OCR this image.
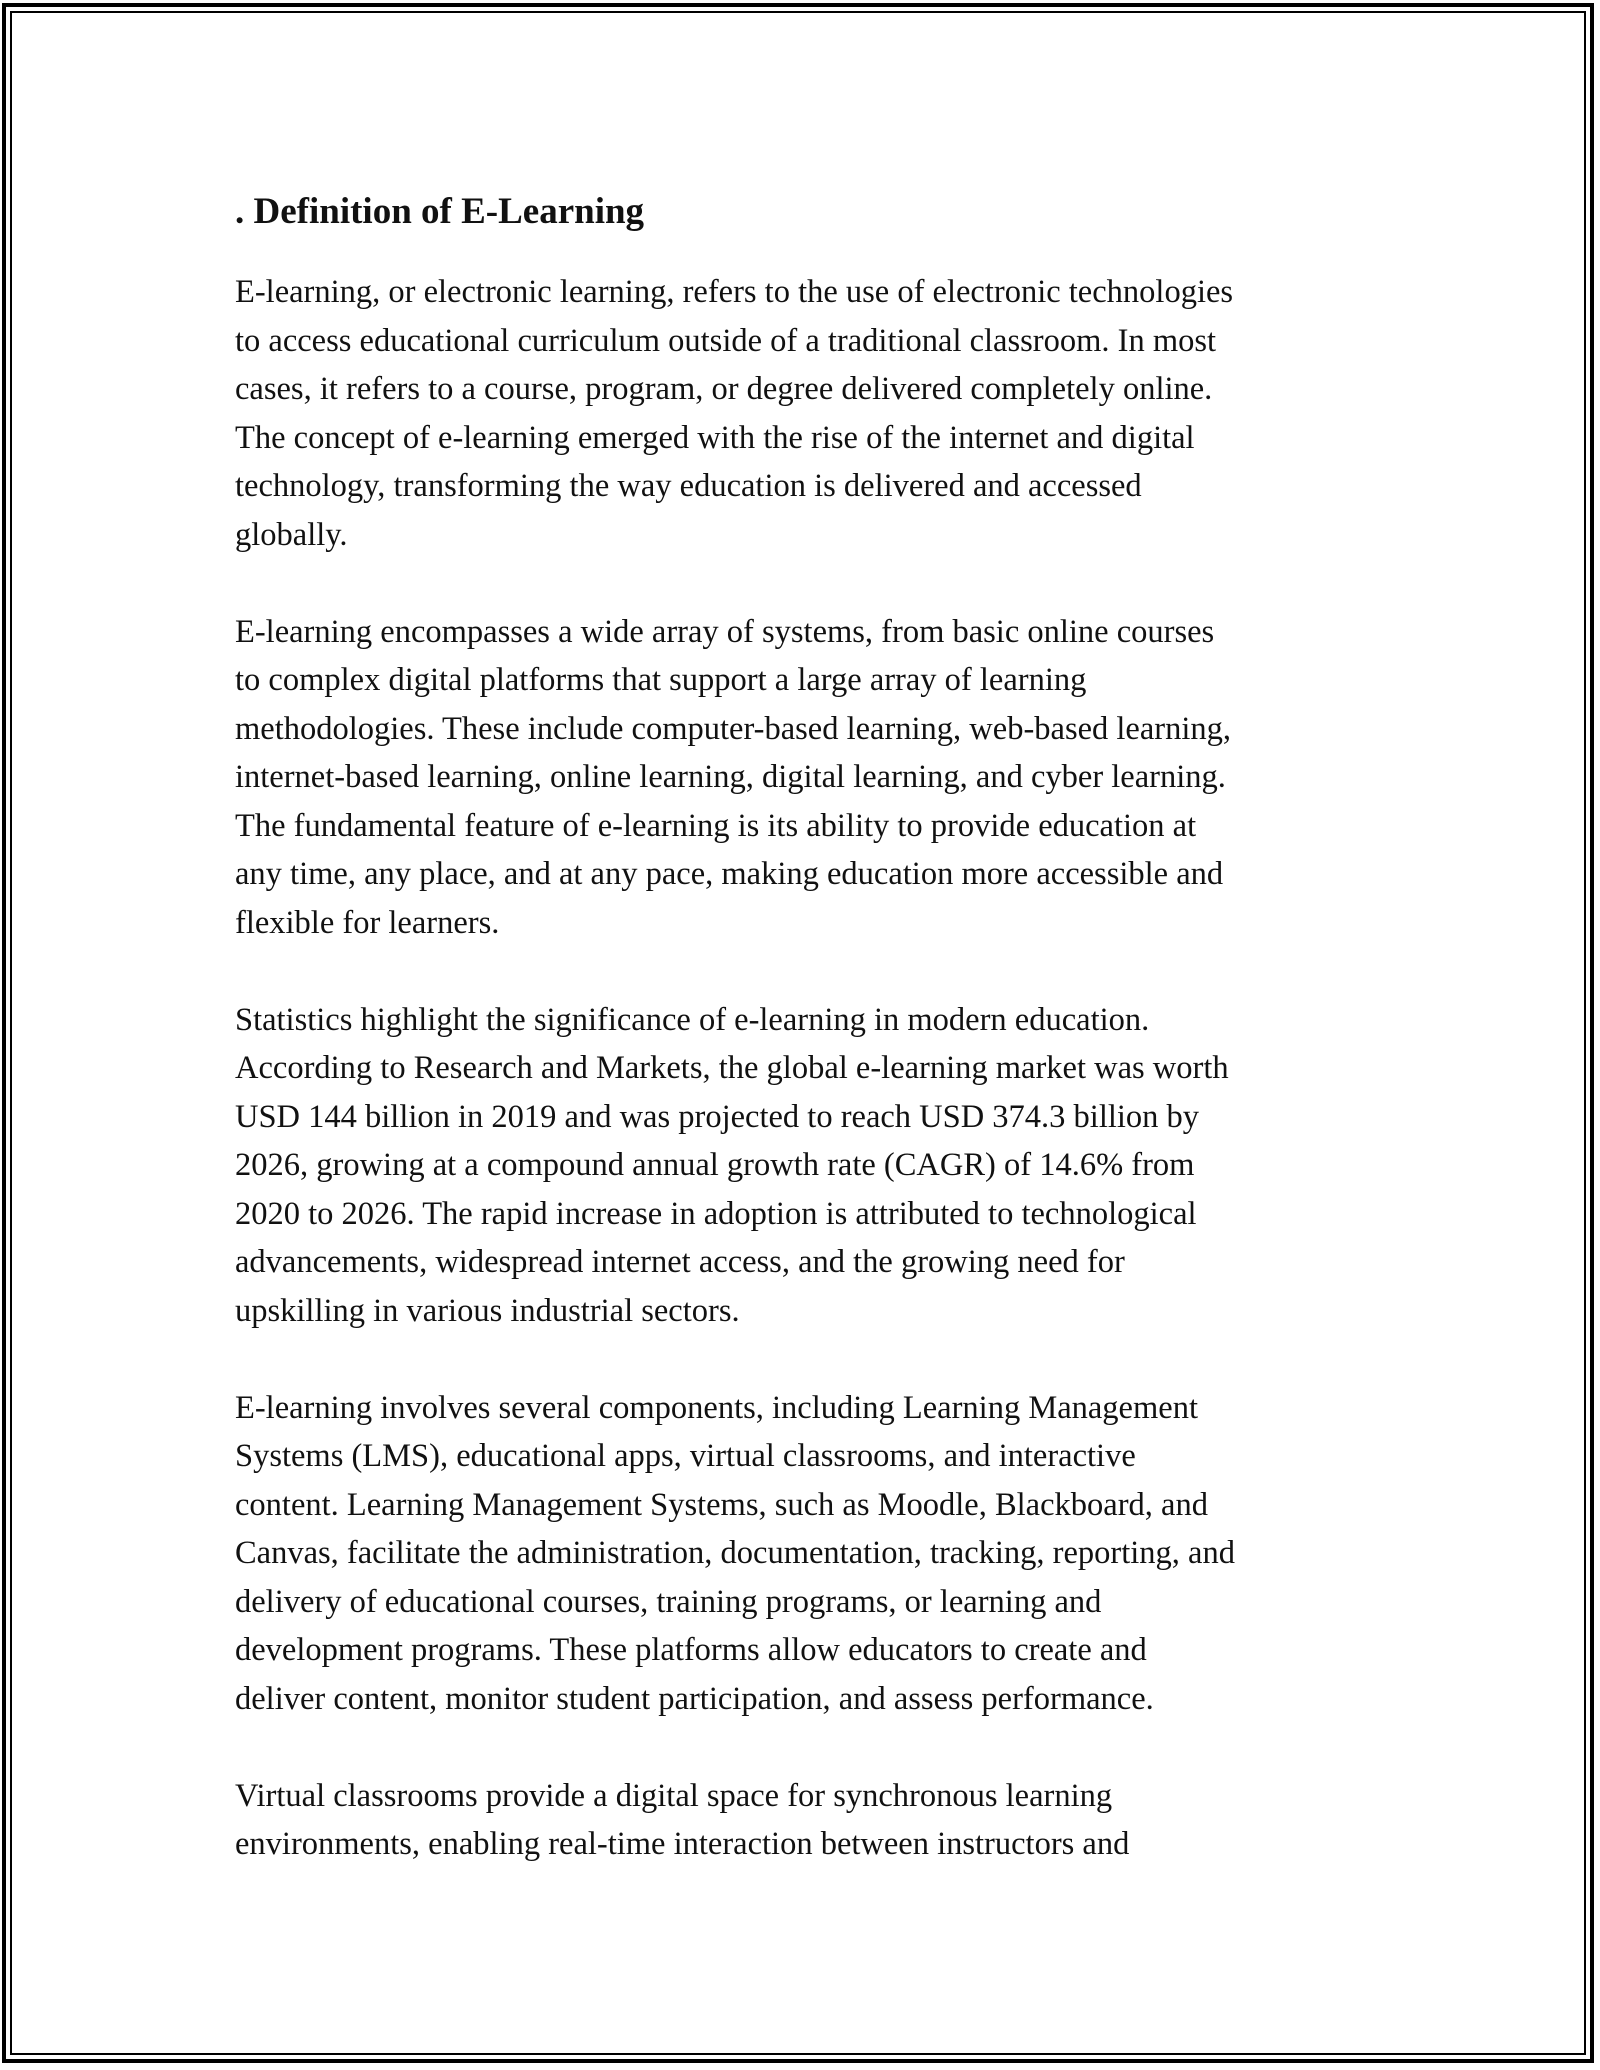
. Definition of E-Learning

E-learning, or electronic learning, refers to the use of electronic technologies
to access educational curriculum outside of a traditional classroom. In most
cases, it refers to a course, program, or degree delivered completely online.
The concept of e-learning emerged with the rise of the internet and digital
technology, transforming the way education is delivered and accessed
globally.

E-learning encompasses a wide array of systems, from basic online courses
to complex digital platforms that support a large array of learning
methodologies. These include computer-based learning, web-based learning,
internet-based learning, online learning, digital learning, and cyber learning.
The fundamental feature of e-learning is its ability to provide education at
any time, any place, and at any pace, making education more accessible and
flexible for learners.

Statistics highlight the significance of e-learning in modern education.
According to Research and Markets, the global e-learning market was worth
USD 144 billion in 2019 and was projected to reach USD 374.3 billion by
2026, growing at a compound annual growth rate (CAGR) of 14.6% from
2020 to 2026. The rapid increase in adoption is attributed to technological
advancements, widespread internet access, and the growing need for
upskilling in various industrial sectors.

E-learning involves several components, including Learning Management
Systems (LMS), educational apps, virtual classrooms, and interactive
content. Learning Management Systems, such as Moodle, Blackboard, and
Canvas, facilitate the administration, documentation, tracking, reporting, and
delivery of educational courses, training programs, or learning and
development programs. These platforms allow educators to create and
deliver content, monitor student participation, and assess performance.

Virtual classrooms provide a digital space for synchronous learning
environments, enabling real-time interaction between instructors and
